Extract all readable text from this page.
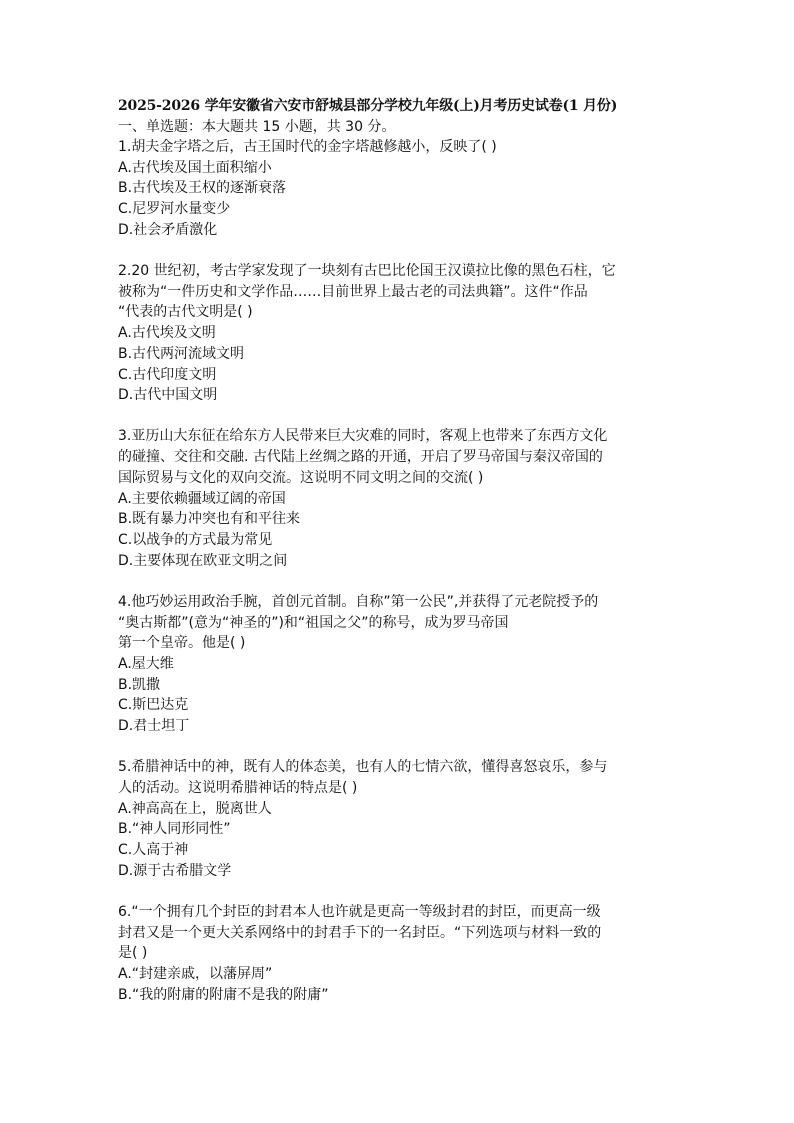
2025-2026 学年安徽省六安市舒城县部分学校九年级(上)月考历史试卷(1 月份)
一、单选题：本大题共 15 小题，共 30 分。
1.胡夫金字塔之后，古王国时代的金字塔越修越小，反映了( )
A.古代埃及国土面积缩小
B.古代埃及王权的逐渐衰落
C.尼罗河水量变少
D.社会矛盾激化
2.20 世纪初，考古学家发现了一块刻有古巴比伦国王汉谟拉比像的黑色石柱，它
被称为“一件历史和文学作品……目前世界上最古老的司法典籍”。这件“作品
“代表的古代文明是( )
A.古代埃及文明
B.古代两河流域文明
C.古代印度文明
D.古代中国文明
3.亚历山大东征在给东方人民带来巨大灾难的同时，客观上也带来了东西方文化
的碰撞、交往和交融. 古代陆上丝绸之路的开通，开启了罗马帝国与秦汉帝国的
国际贸易与文化的双向交流。这说明不同文明之间的交流( )
A.主要依赖疆域辽阔的帝国
B.既有暴力冲突也有和平往来
C.以战争的方式最为常见
D.主要体现在欧亚文明之间
4.他巧妙运用政治手腕，首创元首制。自称”第一公民”,并获得了元老院授予的
“奥古斯都”(意为“神圣的”)和“祖国之父”的称号，成为罗马帝国
第一个皇帝。他是( )
A.屋大维
B.凯撒
C.斯巴达克
D.君士坦丁
5.希腊神话中的神，既有人的体态美，也有人的七情六欲，懂得喜怒哀乐，参与
人的活动。这说明希腊神话的特点是( )
A.神高高在上，脱离世人
B.“神人同形同性”
C.人高于神
D.源于古希腊文学
6.“一个拥有几个封臣的封君本人也许就是更高一等级封君的封臣，而更高一级
封君又是一个更大关系网络中的封君手下的一名封臣。“下列选项与材料一致的
是( )
A.“封建亲戚，以藩屏周”
B.“我的附庸的附庸不是我的附庸”
